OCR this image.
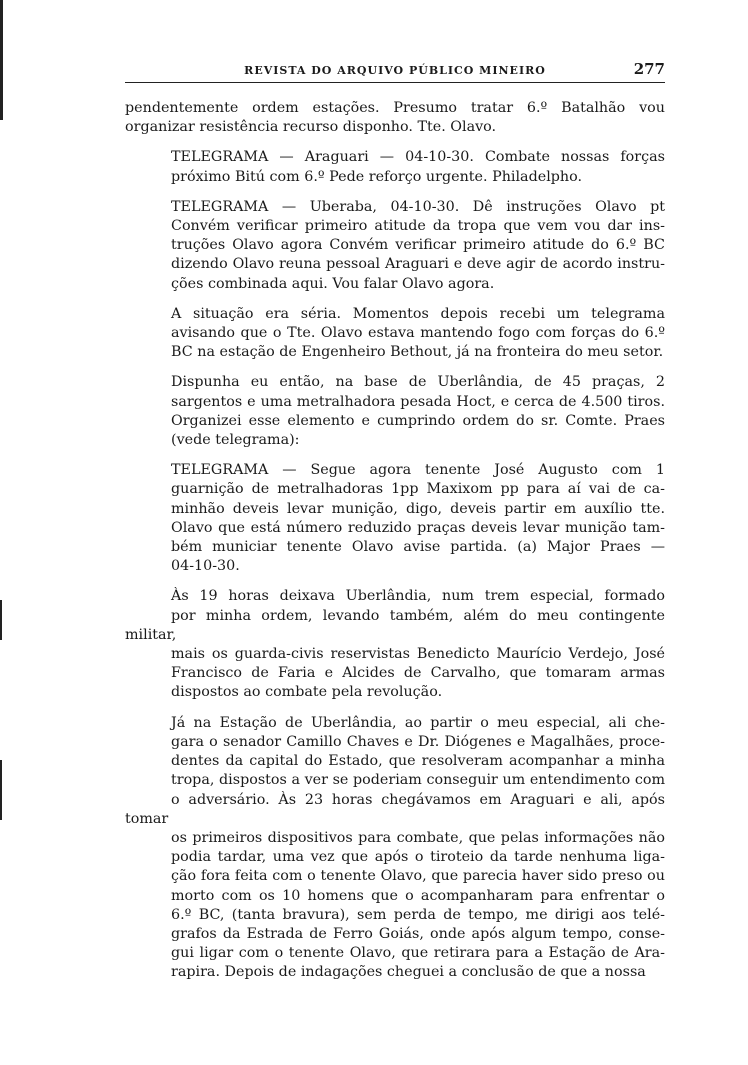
REVISTA DO ARQUIVO PÚBLICO MINEIRO	277

pendentemente ordem estações. Presumo tratar 6.º Batalhão vou
organizar resistência recurso disponho. Tte. Olavo.

TELEGRAMA — Araguari — 04-10-30. Combate nossas forças
próximo Bitú com 6.º Pede reforço urgente. Philadelpho.

TELEGRAMA — Uberaba, 04-10-30. Dê instruções Olavo pt
Convém verificar primeiro atitude da tropa que vem vou dar ins-
truções Olavo agora Convém verificar primeiro atitude do 6.º BC
dizendo Olavo reuna pessoal Araguari e deve agir de acordo instru-
ções combinada aqui. Vou falar Olavo agora.

A situação era séria. Momentos depois recebi um telegrama
avisando que o Tte. Olavo estava mantendo fogo com forças do 6.º
BC na estação de Engenheiro Bethout, já na fronteira do meu setor.

Dispunha eu então, na base de Uberlândia, de 45 praças, 2
sargentos e uma metralhadora pesada Hoct, e cerca de 4.500 tiros.
Organizei esse elemento e cumprindo ordem do sr. Comte. Praes
(vede telegrama):

TELEGRAMA — Segue agora tenente José Augusto com 1
guarnição de metralhadoras 1pp Maxixom pp para aí vai de ca-
minhão deveis levar munição, digo, deveis partir em auxílio tte.
Olavo que está número reduzido praças deveis levar munição tam-
bém municiar tenente Olavo avise partida. (a) Major Praes —
04-10-30.

Às 19 horas deixava Uberlândia, num trem especial, formado
por minha ordem, levando também, além do meu contingente militar,
mais os guarda-civis reservistas Benedicto Maurício Verdejo, José
Francisco de Faria e Alcides de Carvalho, que tomaram armas
dispostos ao combate pela revolução.

Já na Estação de Uberlândia, ao partir o meu especial, ali che-
gara o senador Camillo Chaves e Dr. Diógenes e Magalhães, proce-
dentes da capital do Estado, que resolveram acompanhar a minha
tropa, dispostos a ver se poderiam conseguir um entendimento com
o adversário. Às 23 horas chegávamos em Araguari e ali, após tomar
os primeiros dispositivos para combate, que pelas informações não
podia tardar, uma vez que após o tiroteio da tarde nenhuma liga-
ção fora feita com o tenente Olavo, que parecia haver sido preso ou
morto com os 10 homens que o acompanharam para enfrentar o
6.º BC, (tanta bravura), sem perda de tempo, me dirigi aos telé-
grafos da Estrada de Ferro Goiás, onde após algum tempo, conse-
gui ligar com o tenente Olavo, que retirara para a Estação de Ara-
rapira. Depois de indagações cheguei a conclusão de que a nossa
